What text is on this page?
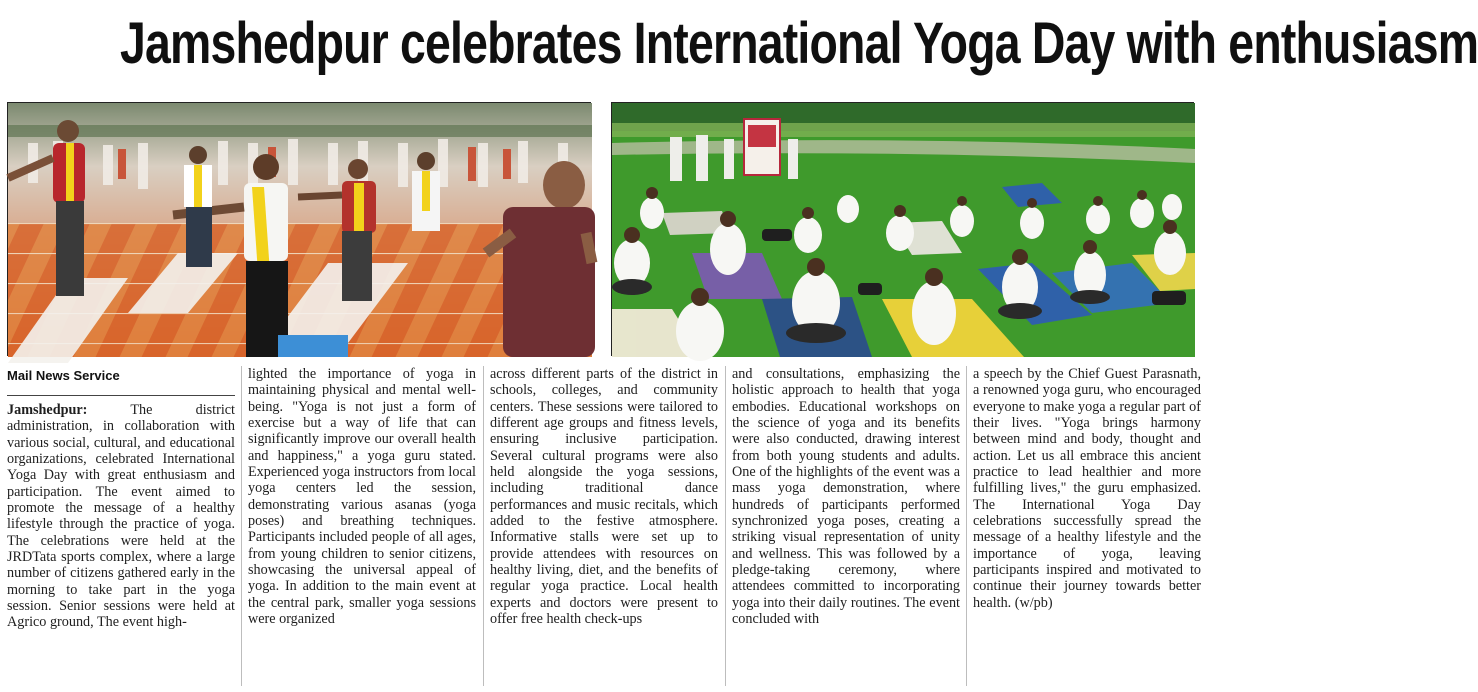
Jamshedpur celebrates International Yoga Day with enthusiasm
Mail News Service

Jamshedpur:	The district administration, in collaboration with various social, cultural, and educational organizations, celebrated International Yoga Day with great enthusiasm and participation. The event aimed to promote the message of a healthy lifestyle through the practice of yoga. The celebrations were held at the JRDTata sports complex, where a large number of citizens gathered early in the morning to take part in the yoga session. Senior sessions were held at Agrico ground, The event high-

lighted the importance of yoga in maintaining physical and mental well-being. "Yoga is not just a form of exercise but a way of life that can significantly improve our overall health and happiness," a yoga guru stated. Experienced yoga instructors from local yoga centers led the session, demonstrating various asanas (yoga poses) and breathing techniques. Participants included people of all ages, from young children to senior citizens, showcasing the universal appeal of yoga. In addition to the main event at the central park, smaller yoga sessions were organized

across different parts of the district in schools, colleges, and community centers. These sessions were tailored to different age groups and fitness levels, ensuring inclusive participation. Several cultural programs were also held alongside the yoga sessions, including traditional dance performances and music recitals, which added to the festive atmosphere. Informative stalls were set up to provide attendees with resources on healthy living, diet, and the benefits of regular yoga practice. Local health experts and doctors were present to offer free health check-ups

and consultations, emphasizing the holistic approach to health that yoga embodies. Educational workshops on the science of yoga and its benefits were also conducted, drawing interest from both young students and adults. One of the highlights of the event was a mass yoga demonstration, where hundreds of participants performed synchronized yoga poses, creating a striking visual representation of unity and wellness. This was followed by a pledge-taking ceremony, where attendees committed to incorporating yoga into their daily routines. The event concluded with

a speech by the Chief Guest Parasnath, a renowned yoga guru, who encouraged everyone to make yoga a regular part of their lives. "Yoga brings harmony between mind and body, thought and action. Let us all embrace this ancient practice to lead healthier and more fulfilling lives," the guru emphasized. The International Yoga Day celebrations successfully spread the message of a healthy lifestyle and the importance of yoga, leaving participants inspired and motivated to continue their journey towards better health. (w/pb)
